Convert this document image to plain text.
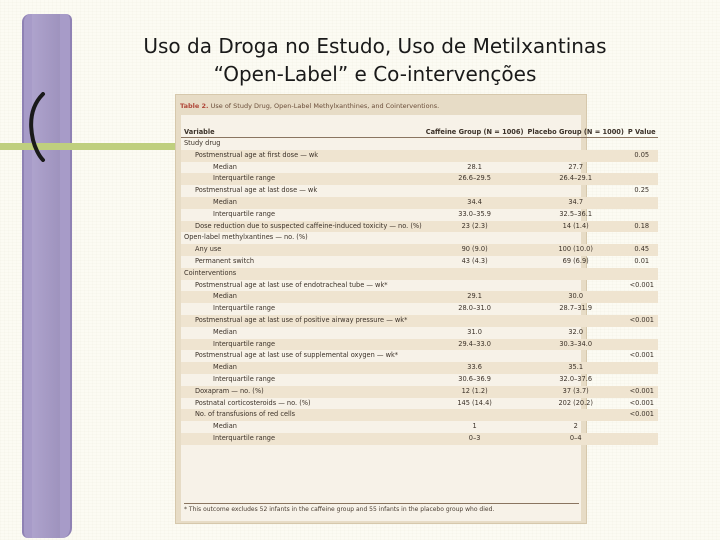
Uso da Droga no Estudo, Uso de Metilxantinas
“Open-Label” e Co-intervenções
Table 2. Use of Study Drug, Open-Label Methylxanthines, and Cointerventions.
Variable	Caffeine Group (N = 1006)	Placebo Group (N = 1000)	P Value
Study drug			
Postmenstrual age at first dose — wk			0.05
Median	28.1	27.7	
Interquartile range	26.6–29.5	26.4–29.1	
Postmenstrual age at last dose — wk			0.25
Median	34.4	34.7	
Interquartile range	33.0–35.9	32.5–36.1	
Dose reduction due to suspected caffeine-induced toxicity — no. (%)	23 (2.3)	14 (1.4)	0.18
Open-label methylxantines — no. (%)			
Any use	90 (9.0)	100 (10.0)	0.45
Permanent switch	43 (4.3)	69 (6.9)	0.01
Cointerventions			
Postmenstrual age at last use of endotracheal tube — wk*			<0.001
Median	29.1	30.0	
Interquartile range	28.0–31.0	28.7–31.9	
Postmenstrual age at last use of positive airway pressure — wk*			<0.001
Median	31.0	32.0	
Interquartile range	29.4–33.0	30.3–34.0	
Postmenstrual age at last use of supplemental oxygen — wk*			<0.001
Median	33.6	35.1	
Interquartile range	30.6–36.9	32.0–37.6	
Doxapram — no. (%)	12 (1.2)	37 (3.7)	<0.001
Postnatal corticosteroids — no. (%)	145 (14.4)	202 (20.2)	<0.001
No. of transfusions of red cells			<0.001
Median	1	2	
Interquartile range	0–3	0–4	
* This outcome excludes 52 infants in the caffeine group and 55 infants in the placebo group who died.
